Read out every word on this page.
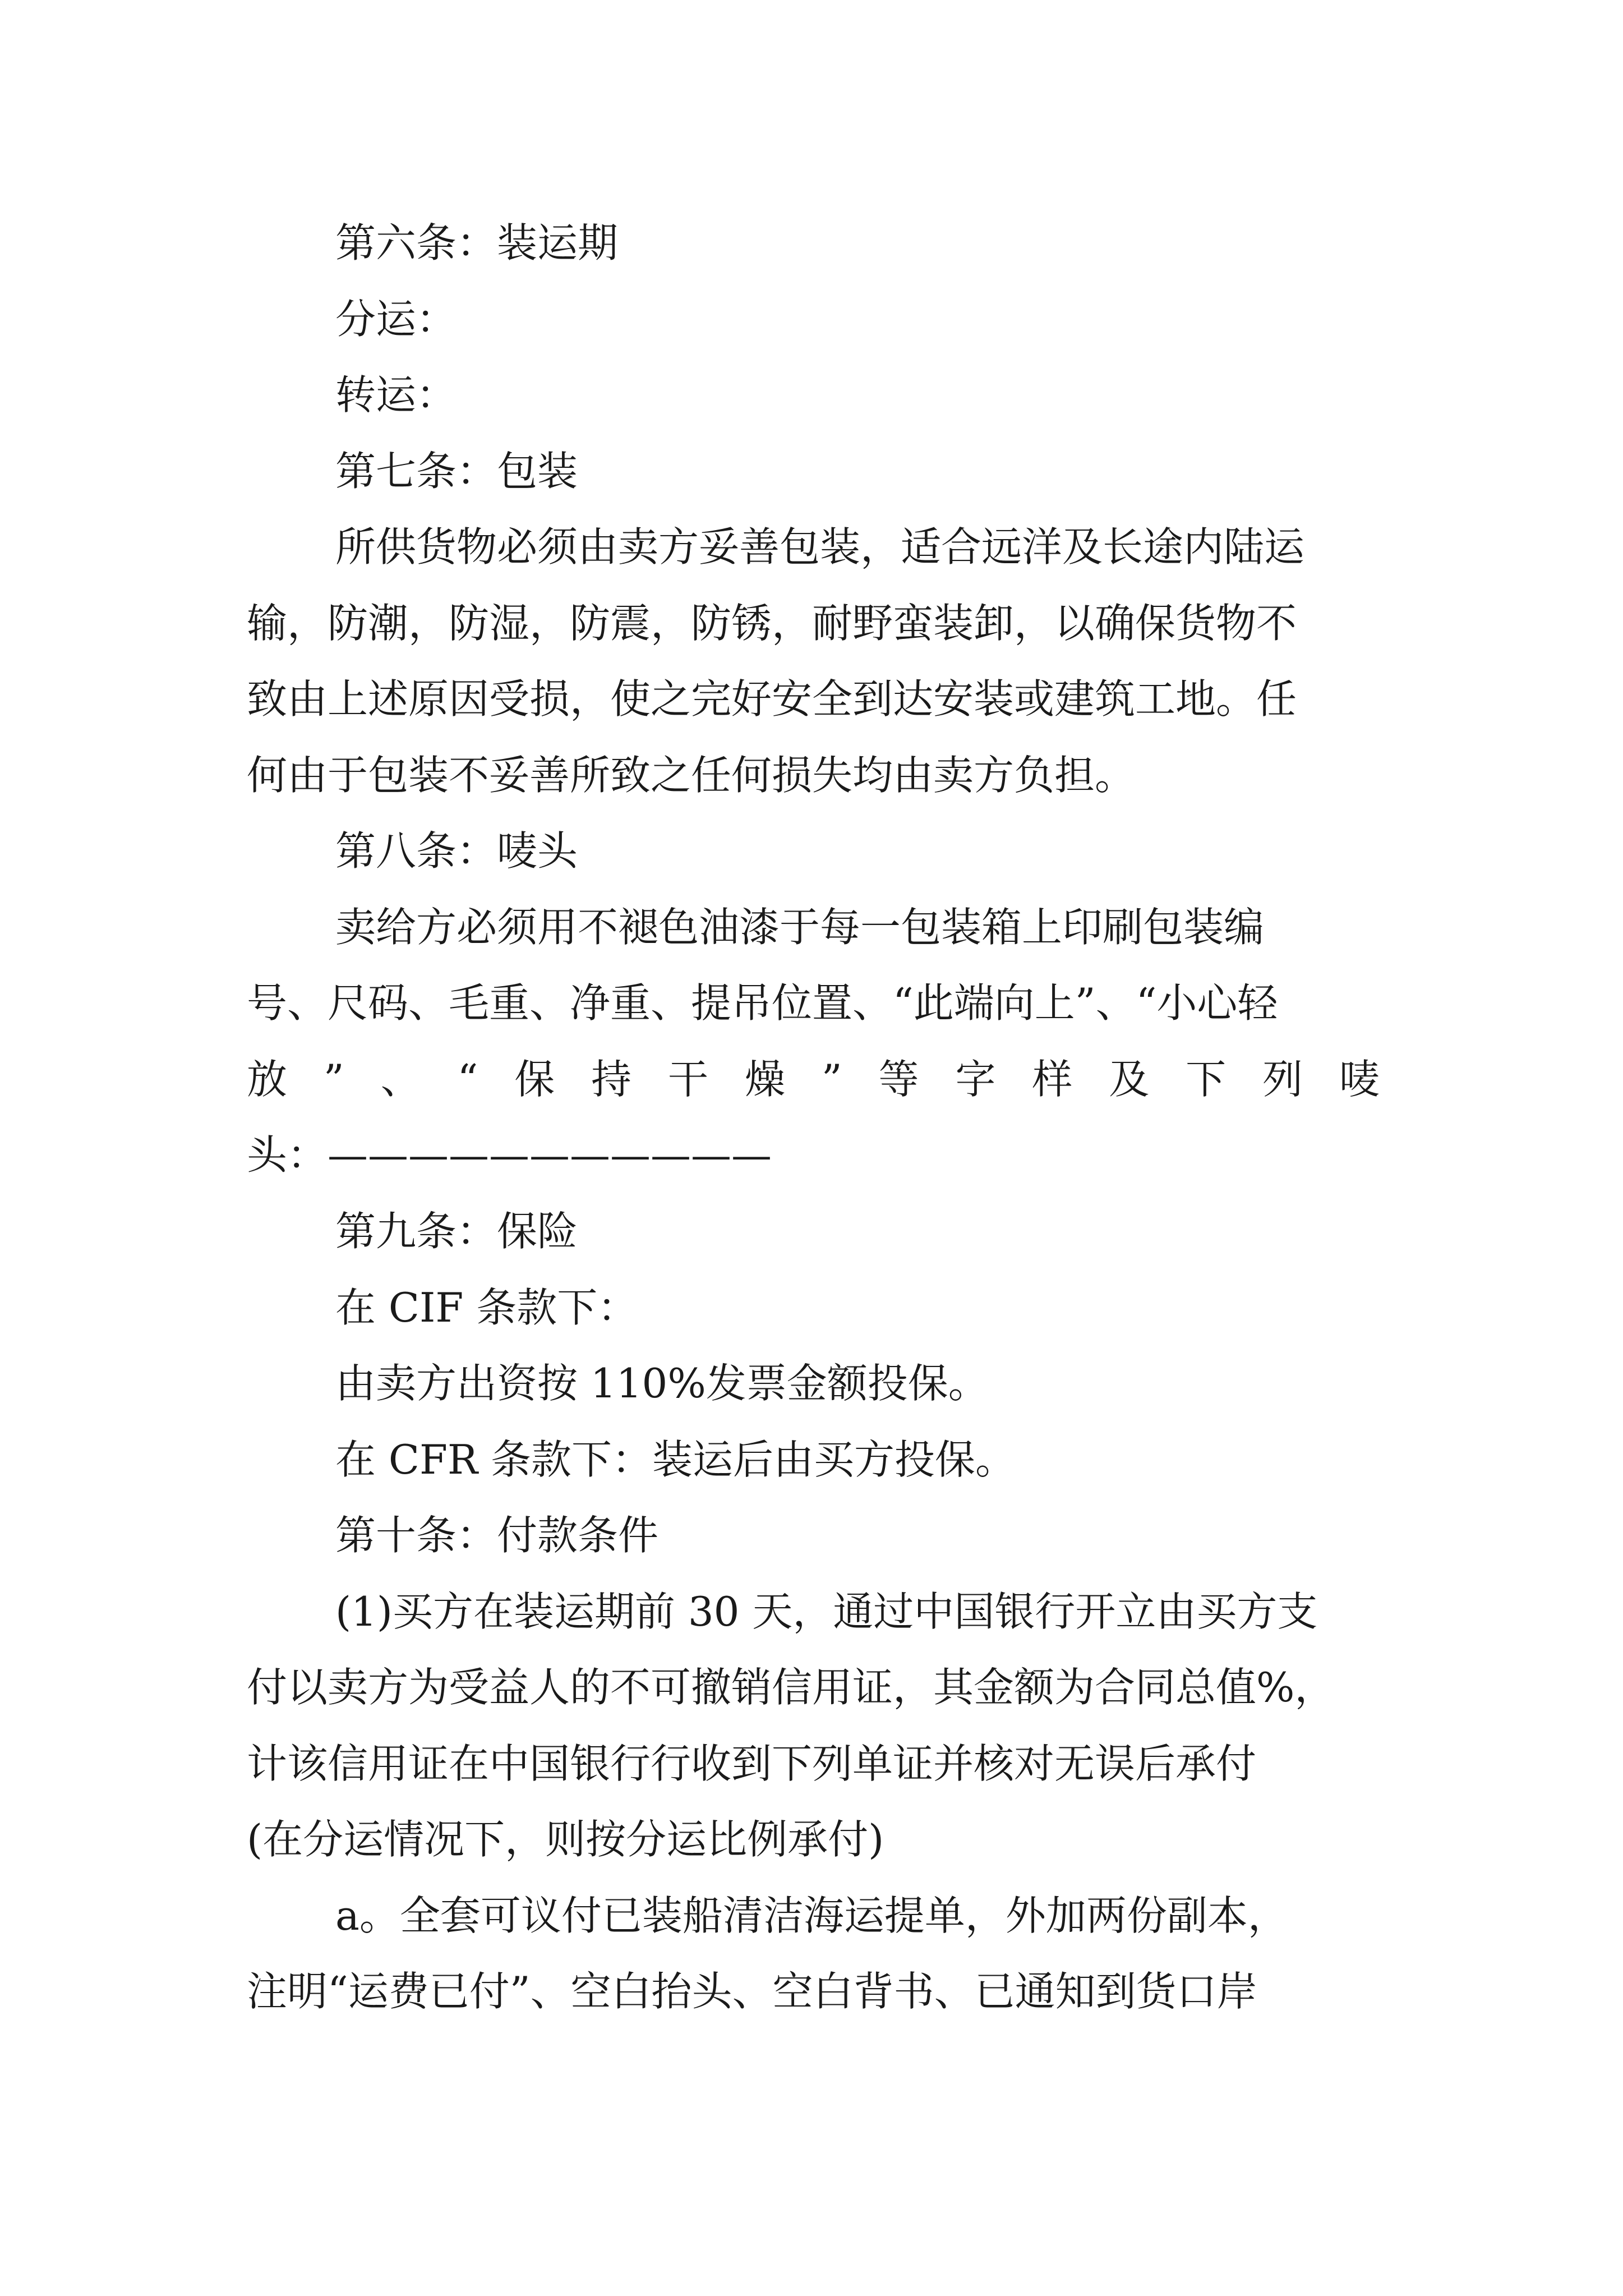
第六条：装运期

分运：

转运：

第七条：包装

所供货物必须由卖方妥善包装，适合远洋及长途内陆运

输，防潮，防湿，防震，防锈，耐野蛮装卸，以确保货物不

致由上述原因受损，使之完好安全到达安装或建筑工地。任

何由于包装不妥善所致之任何损失均由卖方负担。

第八条：唛头

卖给方必须用不褪色油漆于每一包装箱上印刷包装编

号、尺码、毛重、净重、提吊位置、“此端向上”、“小心轻

放 ” 、 “ 保 持 干 燥 ” 等 字 样 及 下 列 唛

头：———————————

第九条：保险

在 CIF 条款下：

由卖方出资按 110%发票金额投保。

在 CFR 条款下：装运后由买方投保。

第十条：付款条件

(1)买方在装运期前 30 天，通过中国银行开立由买方支

付以卖方为受益人的不可撤销信用证，其金额为合同总值%，

计该信用证在中国银行行收到下列单证并核对无误后承付

(在分运情况下，则按分运比例承付)

a。全套可议付已装船清洁海运提单，外加两份副本，

注明“运费已付”、空白抬头、空白背书、已通知到货口岸
